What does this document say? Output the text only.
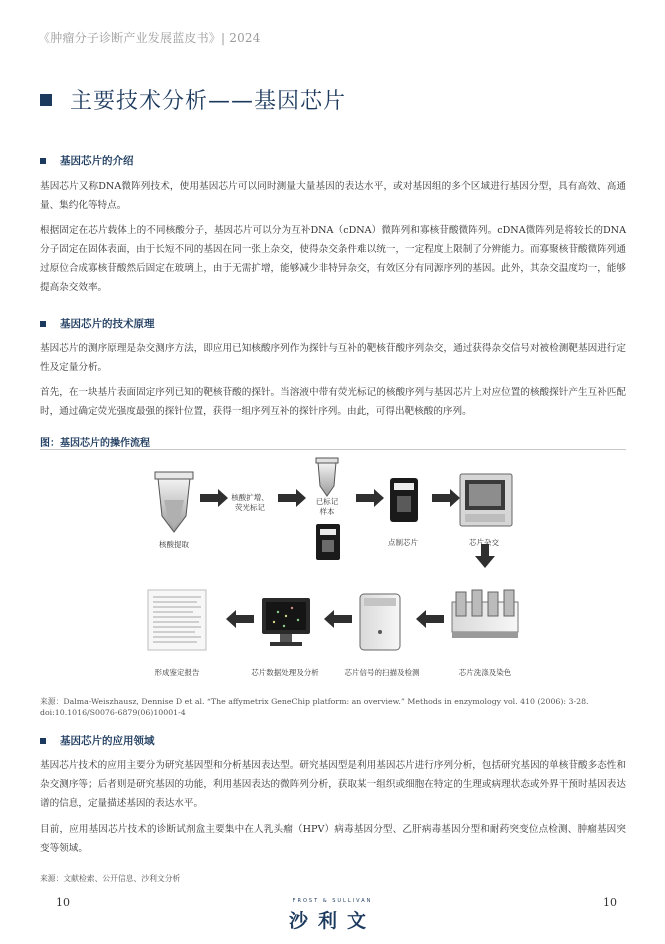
《肿瘤分子诊断产业发展蓝皮书》| 2024
主要技术分析——基因芯片
基因芯片的介绍

基因芯片又称DNA微阵列技术，使用基因芯片可以同时测量大量基因的表达水平，或对基因组的多个区域进行基因分型，具有高效、高通量、集约化等特点。

根据固定在芯片载体上的不同核酸分子，基因芯片可以分为互补DNA（cDNA）微阵列和寡核苷酸微阵列。cDNA微阵列是将较长的DNA分子固定在固体表面，由于长短不同的基因在同一张上杂交，使得杂交条件难以统一，一定程度上限制了分辨能力。而寡聚核苷酸微阵列通过原位合成寡核苷酸然后固定在玻璃上，由于无需扩增，能够减少非特异杂交，有效区分有同源序列的基因。此外，其杂交温度均一，能够提高杂交效率。

基因芯片的技术原理

基因芯片的测序原理是杂交测序方法，即应用已知核酸序列作为探针与互补的靶核苷酸序列杂交，通过获得杂交信号对被检测靶基因进行定性及定量分析。

首先，在一块基片表面固定序列已知的靶核苷酸的探针。当溶液中带有荧光标记的核酸序列与基因芯片上对应位置的核酸探针产生互补匹配时，通过确定荧光强度最强的探针位置，获得一组序列互补的探针序列。由此，可得出靶核酸的序列。

图：基因芯片的操作流程
核酸提取
核酸扩增、
荧光标记
已标记
样本
点制芯片	芯片杂交
芯片洗涤及染色
芯片信号的扫描及检测
芯片数据处理及分析
形成鉴定报告
来源：Dalma-Weiszhausz, Dennise D et al. “The affymetrix GeneChip platform: an overview.” Methods in enzymology vol. 410 (2006): 3-28. doi:10.1016/S0076-6879(06)10001-4
基因芯片的应用领域

基因芯片技术的应用主要分为研究基因型和分析基因表达型。研究基因型是利用基因芯片进行序列分析，包括研究基因的单核苷酸多态性和杂交测序等；后者则是研究基因的功能，利用基因表达的微阵列分析，获取某一组织或细胞在特定的生理或病理状态或外界干预时基因表达谱的信息，定量描述基因的表达水平。

目前，应用基因芯片技术的诊断试剂盒主要集中在人乳头瘤（HPV）病毒基因分型、乙肝病毒基因分型和耐药突变位点检测、肿瘤基因突变等领域。

来源：文献检索、公开信息、沙利文分析
10	10
FROST & SULLIVAN
沙利文
